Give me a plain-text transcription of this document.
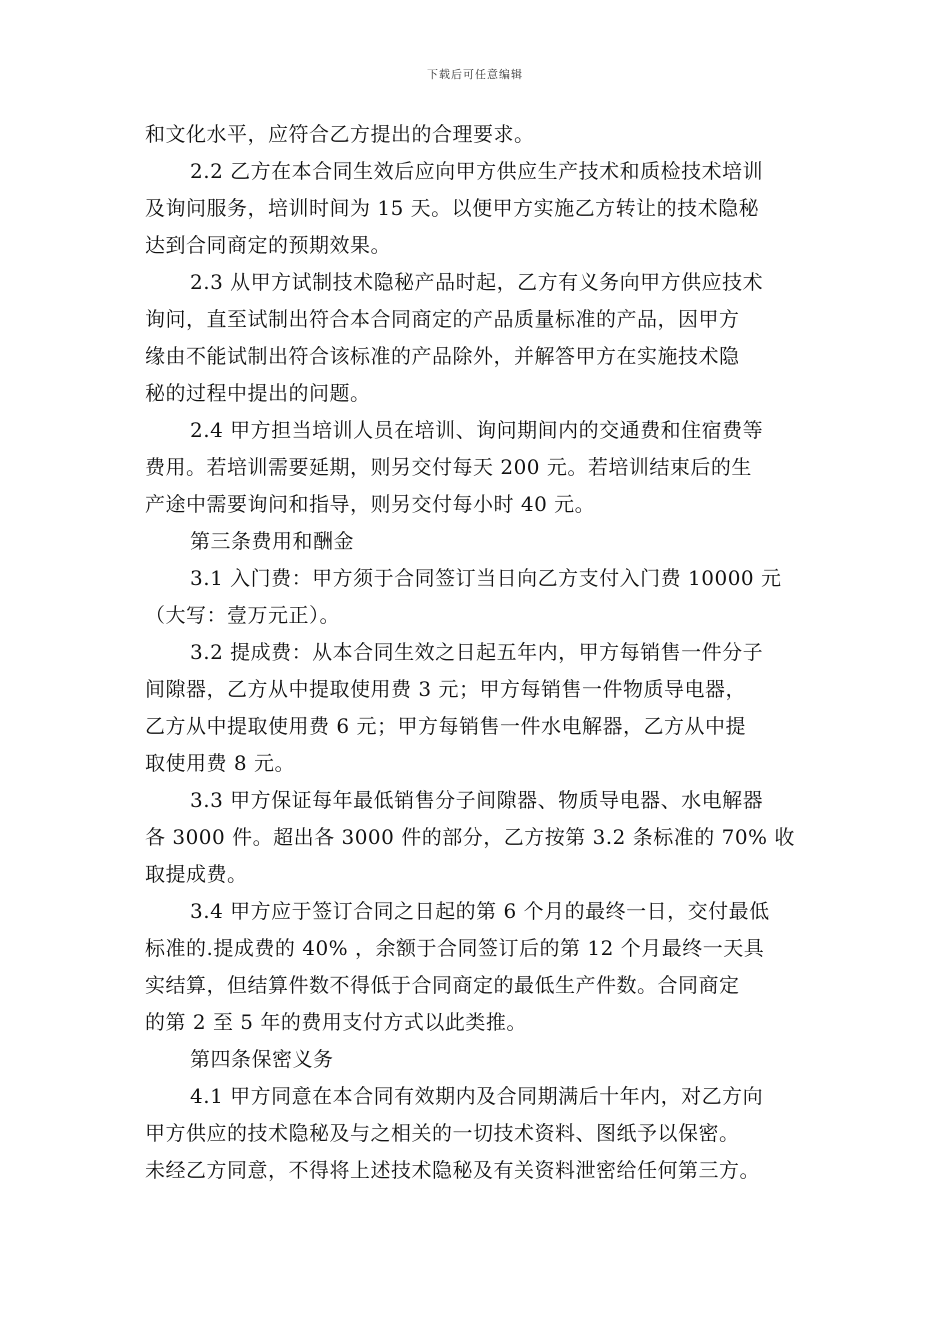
下载后可任意编辑
和文化水平，应符合乙方提出的合理要求。
2.2 乙方在本合同生效后应向甲方供应生产技术和质检技术培训
及询问服务，培训时间为 15 天。以便甲方实施乙方转让的技术隐秘
达到合同商定的预期效果。
2.3 从甲方试制技术隐秘产品时起，乙方有义务向甲方供应技术
询问，直至试制出符合本合同商定的产品质量标准的产品，因甲方
缘由不能试制出符合该标准的产品除外，并解答甲方在实施技术隐
秘的过程中提出的问题。
2.4 甲方担当培训人员在培训、询问期间内的交通费和住宿费等
费用。若培训需要延期，则另交付每天 200 元。若培训结束后的生
产途中需要询问和指导，则另交付每小时 40 元。
第三条费用和酬金
3.1 入门费：甲方须于合同签订当日向乙方支付入门费 10000 元
（大写：壹万元正）。
3.2 提成费：从本合同生效之日起五年内，甲方每销售一件分子
间隙器，乙方从中提取使用费 3 元；甲方每销售一件物质导电器，
乙方从中提取使用费 6 元；甲方每销售一件水电解器，乙方从中提
取使用费 8 元。
3.3 甲方保证每年最低销售分子间隙器、物质导电器、水电解器
各 3000 件。超出各 3000 件的部分，乙方按第 3.2 条标准的 70% 收
取提成费。
3.4 甲方应于签订合同之日起的第 6 个月的最终一日，交付最低
标准的.提成费的 40% ，余额于合同签订后的第 12 个月最终一天具
实结算，但结算件数不得低于合同商定的最低生产件数。合同商定
的第 2 至 5 年的费用支付方式以此类推。
第四条保密义务
4.1 甲方同意在本合同有效期内及合同期满后十年内，对乙方向
甲方供应的技术隐秘及与之相关的一切技术资料、图纸予以保密。
未经乙方同意，不得将上述技术隐秘及有关资料泄密给任何第三方。
